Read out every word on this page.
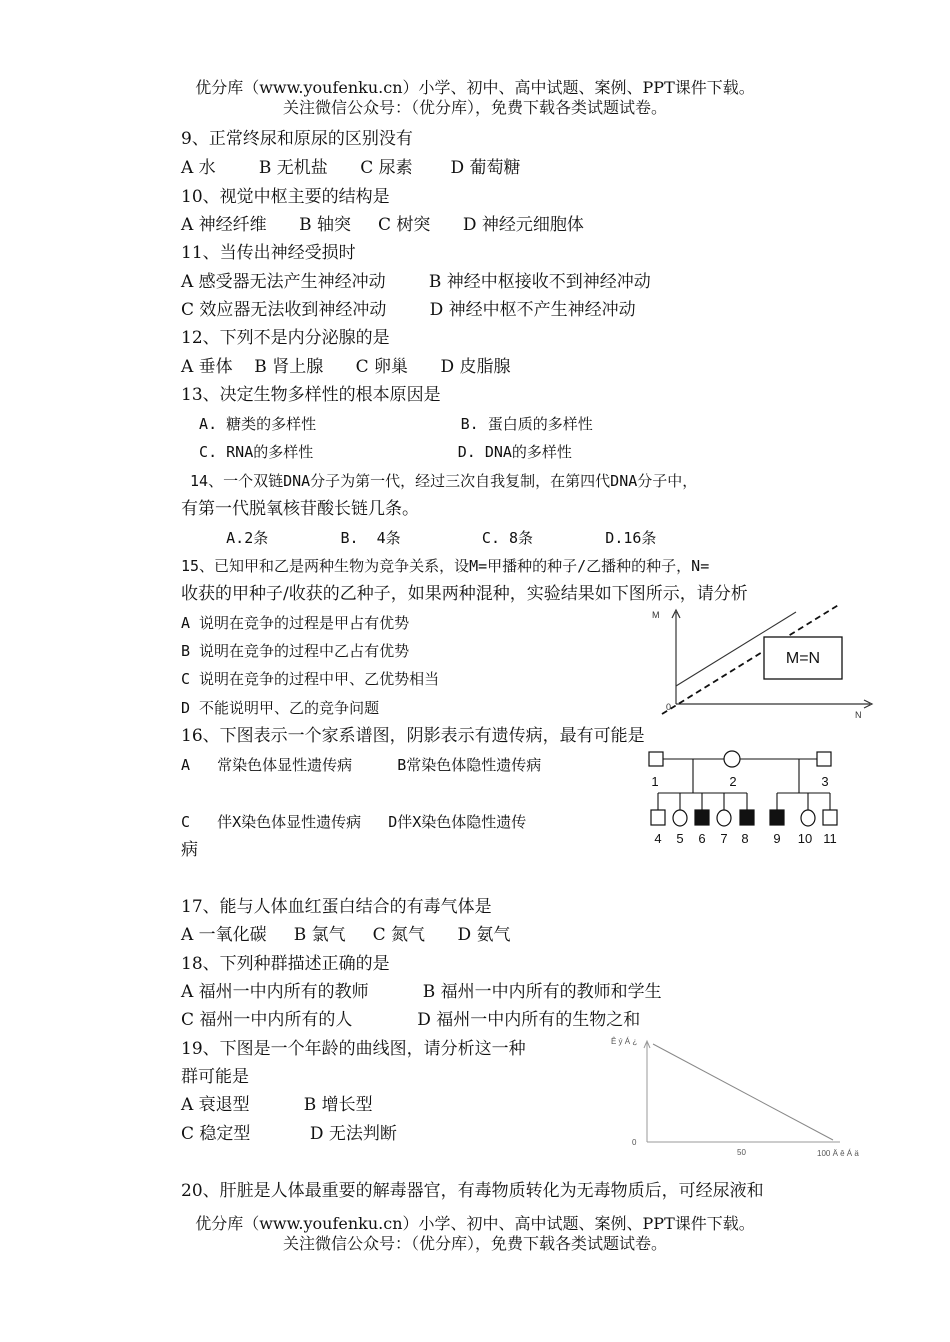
优分库（www.youfenku.cn）小学、初中、高中试题、案例、PPT课件下载。
关注微信公众号：（优分库），免费下载各类试题试卷。
9、正常终尿和原尿的区别没有
A 水        B 无机盐      C 尿素       D 葡萄糖
10、视觉中枢主要的结构是
A 神经纤维      B 轴突     C 树突      D 神经元细胞体
11、当传出神经受损时
A 感受器无法产生神经冲动        B 神经中枢接收不到神经冲动
C 效应器无法收到神经冲动        D 神经中枢不产生神经冲动
12、下列不是内分泌腺的是
A 垂体    B 肾上腺      C 卵巢      D 皮脂腺
13、决定生物多样性的根本原因是
A. 糖类的多样性                B. 蛋白质的多样性
C. RNA的多样性                D. DNA的多样性
14、一个双链DNA分子为第一代，经过三次自我复制，在第四代DNA分子中，
有第一代脱氧核苷酸长链几条。
A.2条        B.  4条         C. 8条        D.16条
15、已知甲和乙是两种生物为竞争关系，设M=甲播种的种子/乙播种的种子，N=
收获的甲种子/收获的乙种子，如果两种混种，实验结果如下图所示，请分析
A 说明在竞争的过程是甲占有优势
B 说明在竞争的过程中乙占有优势
C 说明在竞争的过程中甲、乙优势相当
D 不能说明甲、乙的竞争问题
16、下图表示一个家系谱图，阴影表示有遗传病，最有可能是
A   常染色体显性遗传病     B常染色体隐性遗传病
C   伴X染色体显性遗传病   D伴X染色体隐性遗传
病
17、能与人体血红蛋白结合的有毒气体是
A 一氧化碳     B 氯气     C 氮气      D 氨气
18、下列种群描述正确的是
A 福州一中内所有的教师          B 福州一中内所有的教师和学生
C 福州一中内所有的人            D 福州一中内所有的生物之和
19、下图是一个年龄的曲线图，请分析这一种
群可能是
A 衰退型          B 增长型
C 稳定型           D 无法判断
20、肝脏是人体最重要的解毒器官，有毒物质转化为无毒物质后，可经尿液和
优分库（www.youfenku.cn）小学、初中、高中试题、案例、PPT课件下载。
关注微信公众号：（优分库），免费下载各类试题试卷。
M=N
M
N
0
1	2	3
4 5 6 7 8 9 10 11
Ê ý Á ¿
0
50	100 Ä ê Á ä
